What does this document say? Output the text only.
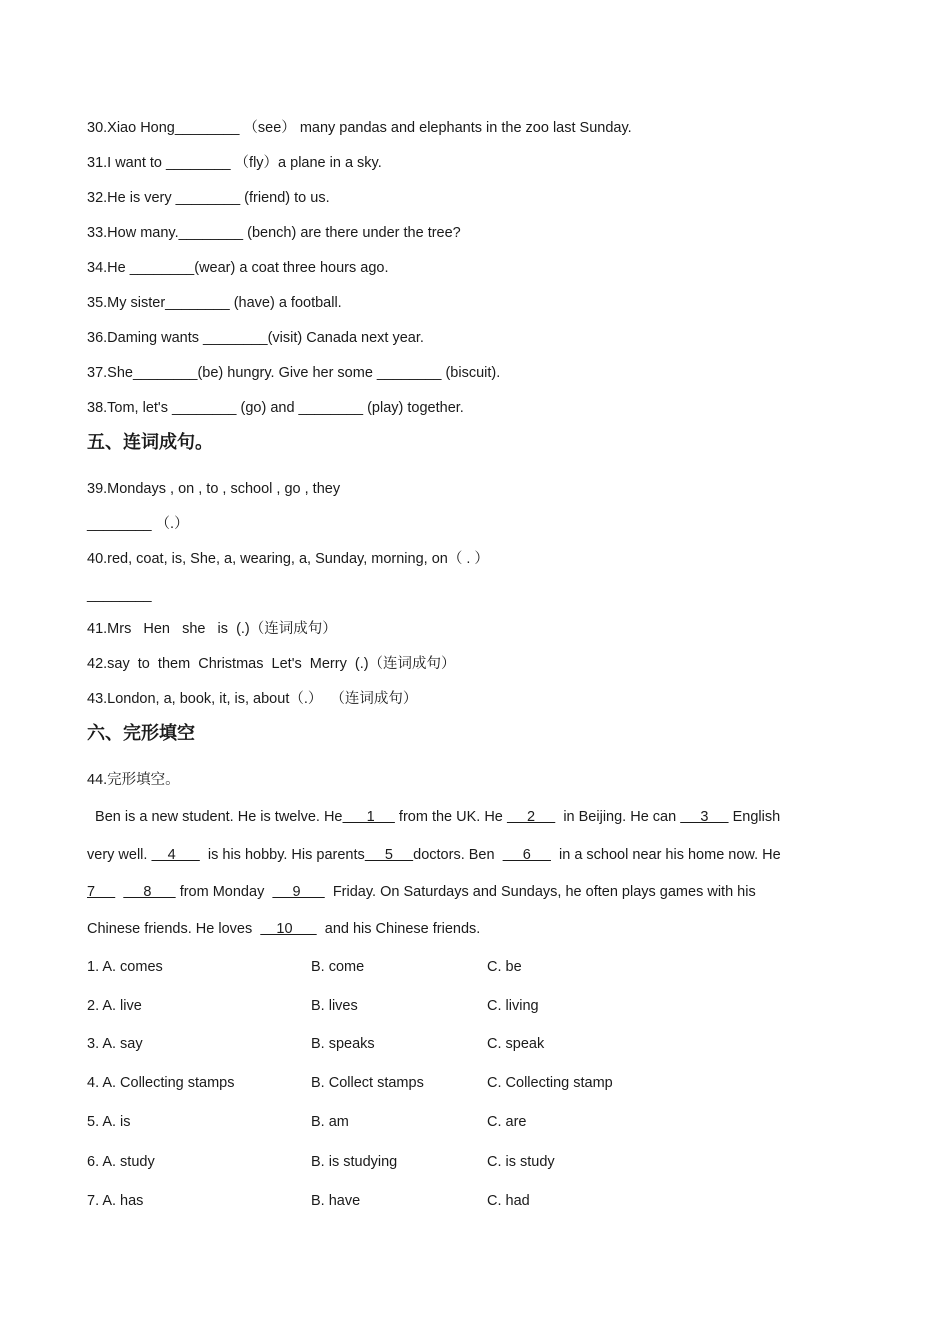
30.Xiao Hong________ （see） many pandas and elephants in the zoo last Sunday.
31.I want to ________ （fly）a plane in a sky.
32.He is very ________ (friend) to us.
33.How many.________ (bench) are there under the tree?
34.He ________(wear) a coat three hours ago.
35.My sister________ (have) a football.
36.Daming wants ________(visit) Canada next year.
37.She________(be) hungry. Give her some ________ (biscuit).
38.Tom, let's ________ (go) and ________ (play) together.
五、连词成句。
39.Mondays , on , to , school , go , they
________ （.）
40.red, coat, is, She, a, wearing, a, Sunday, morning, on（ . ）
________
41.Mrs   Hen   she   is  (.)（连词成句）
42.say  to  them  Christmas  Let's  Merry  (.)（连词成句）
43.London, a, book, it, is, about（.）  （连词成句）
六、完形填空
44.完形填空。
Ben is a new student. He is twelve. He      1      from the UK. He      2       in Beijing. He can      3      English
very well.     4        is his hobby. His parents     5     doctors. Ben       6       in a school near his home now. He
7            8       from Monday       9        Friday. On Saturdays and Sundays, he often plays games with his
Chinese friends. He loves      10        and his Chinese friends.
1. A. comes	B. come	C. be
2. A. live	B. lives	C. living
3. A. say	B. speaks	C. speak
4. A. Collecting stamps	B. Collect stamps	C. Collecting stamp
5. A. is	B. am	C. are
6. A. study	B. is studying	C. is study
7. A. has	B. have	C. had
